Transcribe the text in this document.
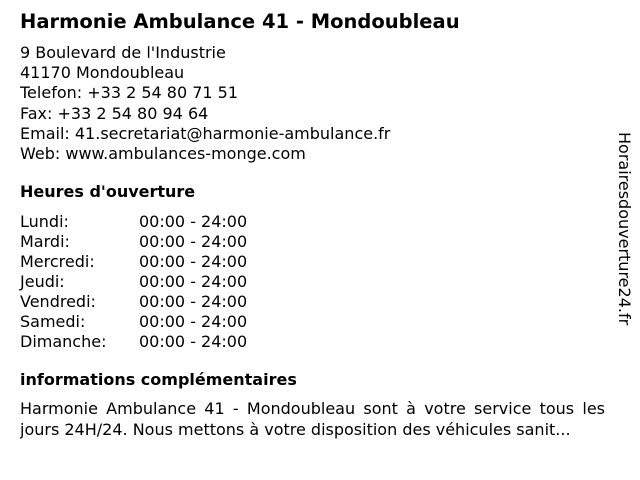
Harmonie Ambulance 41 - Mondoubleau
9 Boulevard de l'Industrie
41170 Mondoubleau
Telefon: +33 2 54 80 71 51
Fax: +33 2 54 80 94 64
Email: 41.secretariat@harmonie-ambulance.fr
Web: www.ambulances-monge.com
Heures d'ouverture
Lundi:	00:00 - 24:00
Mardi:	00:00 - 24:00
Mercredi:	00:00 - 24:00
Jeudi:	00:00 - 24:00
Vendredi:	00:00 - 24:00
Samedi:	00:00 - 24:00
Dimanche:	00:00 - 24:00
informations complémentaires
Harmonie Ambulance 41 - Mondoubleau sont à votre service tous les jours 24H/24. Nous mettons à votre disposition des véhicules sanit...
Horairesdouverture24.fr
